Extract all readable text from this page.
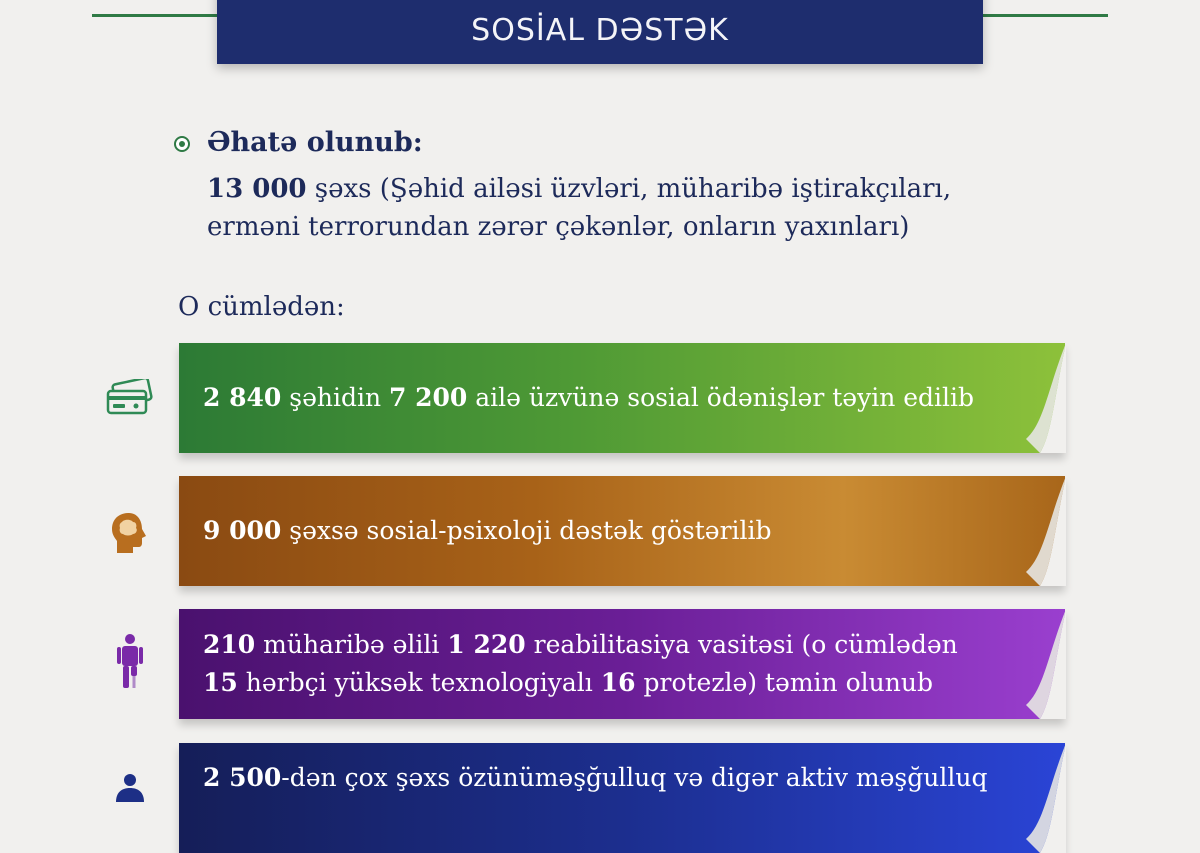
SOSİAL DƏSTƏK
Əhatə olunub:
13 000 şəxs (Şəhid ailəsi üzvləri, müharibə iştirakçıları, erməni terrorundan zərər çəkənlər, onların yaxınları)
O cümlədən:
2 840 şəhidin 7 200 ailə üzvünə sosial ödənişlər təyin edilib
9 000 şəxsə sosial-psixoloji dəstək göstərilib
210 müharibə əlili 1 220 reabilitasiya vasitəsi (o cümlədən 15 hərbçi yüksək texnologiyalı 16 protezlə) təmin olunub
2 500-dən çox şəxs özünüməşğulluq və digər aktiv məşğulluq
